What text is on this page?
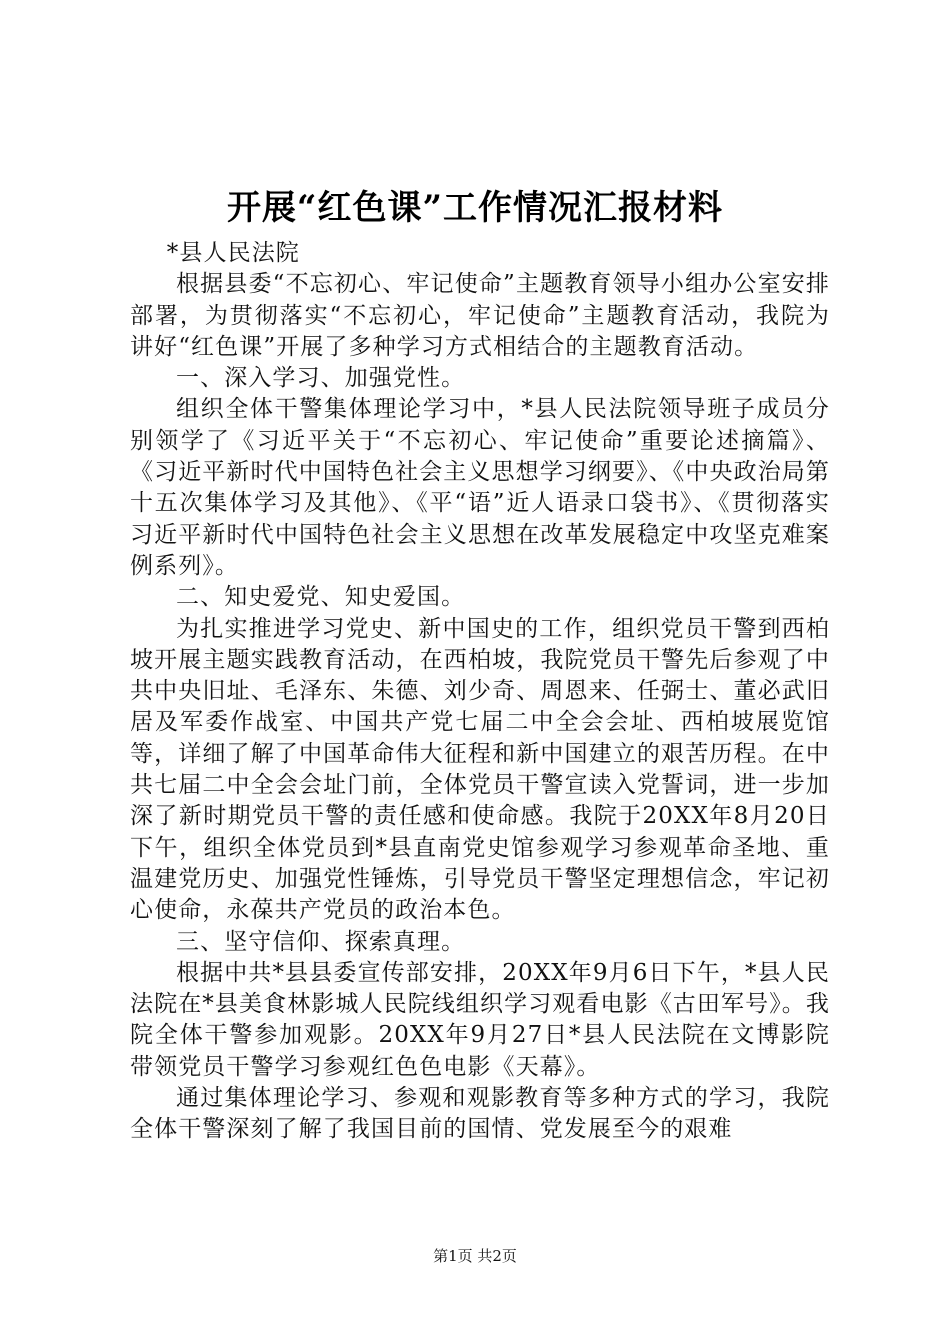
开展“红色课”工作情况汇报材料

*县人民法院

根据县委“不忘初心、牢记使命”主题教育领导小组办公室安排部署，为贯彻落实“不忘初心，牢记使命”主题教育活动，我院为讲好“红色课”开展了多种学习方式相结合的主题教育活动。

一、深入学习、加强党性。

组织全体干警集体理论学习中，*县人民法院领导班子成员分别领学了《习近平关于“不忘初心、牢记使命”重要论述摘篇》、《习近平新时代中国特色社会主义思想学习纲要》、《中央政治局第十五次集体学习及其他》、《平“语”近人语录口袋书》、《贯彻落实习近平新时代中国特色社会主义思想在改革发展稳定中攻坚克难案例系列》。

二、知史爱党、知史爱国。

为扎实推进学习党史、新中国史的工作，组织党员干警到西柏坡开展主题实践教育活动，在西柏坡，我院党员干警先后参观了中共中央旧址、毛泽东、朱德、刘少奇、周恩来、任弼士、董必武旧居及军委作战室、中国共产党七届二中全会会址、西柏坡展览馆等，详细了解了中国革命伟大征程和新中国建立的艰苦历程。在中共七届二中全会会址门前，全体党员干警宣读入党誓词，进一步加深了新时期党员干警的责任感和使命感。我院于20XX年8月20日下午，组织全体党员到*县直南党史馆参观学习参观革命圣地、重温建党历史、加强党性锤炼，引导党员干警坚定理想信念，牢记初心使命，永葆共产党员的政治本色。

三、坚守信仰、探索真理。

根据中共*县县委宣传部安排，20XX年9月6日下午，*县人民法院在*县美食林影城人民院线组织学习观看电影《古田军号》。我院全体干警参加观影。20XX年9月27日*县人民法院在文博影院带领党员干警学习参观红色色电影《天幕》。

通过集体理论学习、参观和观影教育等多种方式的学习，我院全体干警深刻了解了我国目前的国情、党发展至今的艰难

第1页 共2页
